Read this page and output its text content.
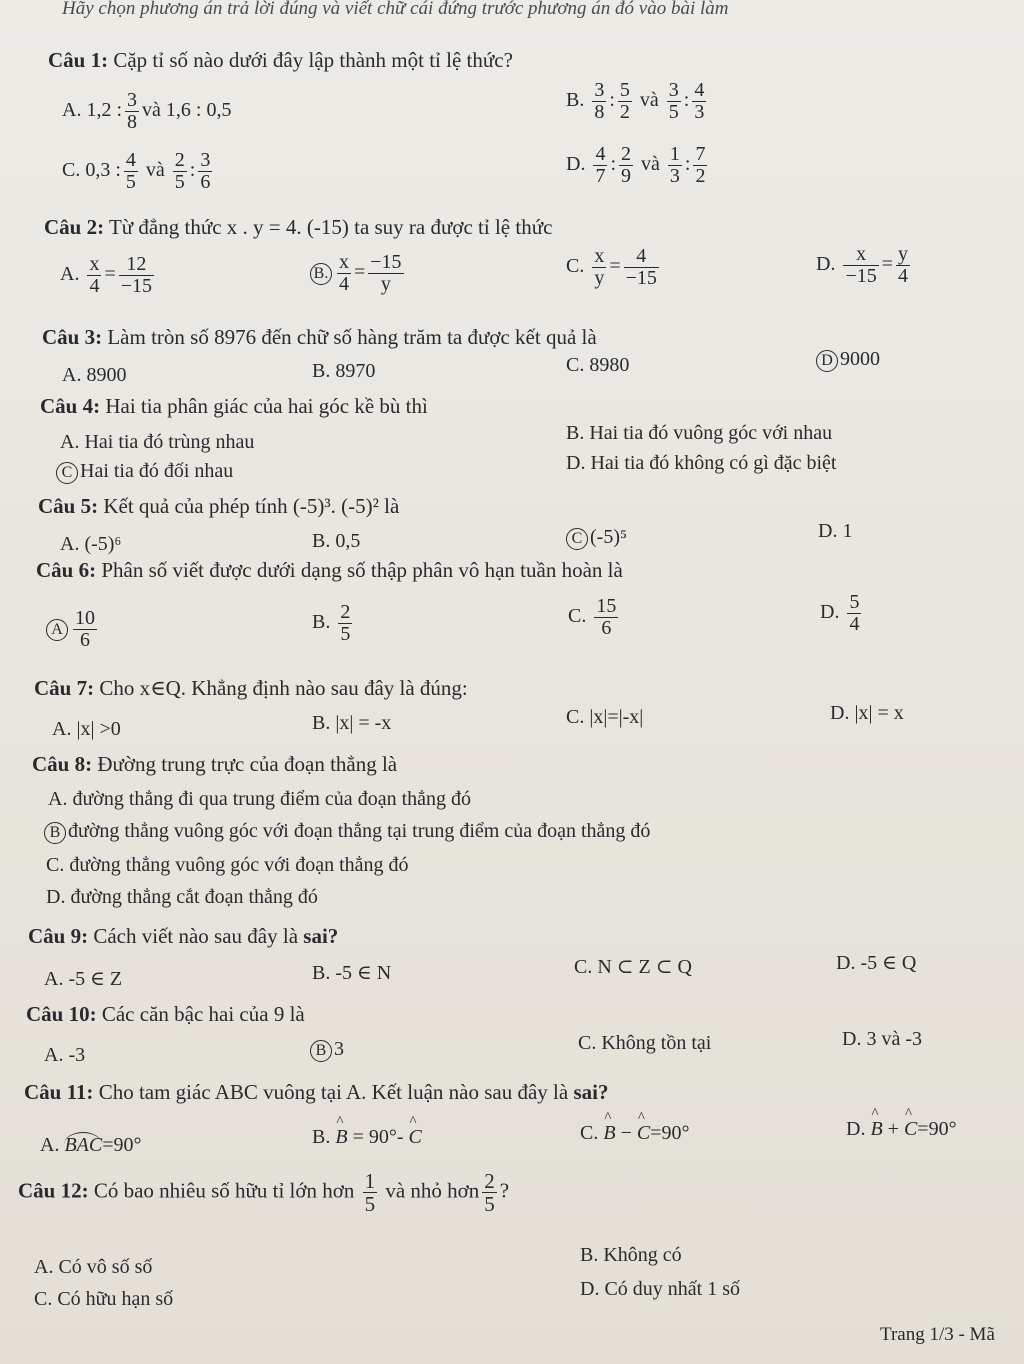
Hãy chọn phương án trả lời đúng và viết chữ cái đứng trước phương án đó vào bài làm
Câu 1: Cặp tỉ số nào dưới đây lập thành một tỉ lệ thức?
A. 1,2 : $\frac{3}{8}$ và 1,6 : 0,5	B. $\frac{3}{8}$ : $\frac{5}{2}$ và $\frac{3}{5}$ : $\frac{4}{3}$
C. 0,3 : $\frac{4}{5}$ và $\frac{2}{5}$ : $\frac{3}{6}$	D. $\frac{4}{7}$ : $\frac{2}{9}$ và $\frac{1}{3}$ : $\frac{7}{2}$
Câu 2: Từ đẳng thức x . y = 4. (-15) ta suy ra được tỉ lệ thức
A. $\frac{x}{4} = \frac{12}{-15}$	B. $\frac{x}{4} = \frac{-15}{y}$	C. $\frac{x}{y} = \frac{4}{-15}$	D. $\frac{x}{-15} = \frac{y}{4}$
Câu 3: Làm tròn số 8976 đến chữ số hàng trăm ta được kết quả là
A. 8900	B. 8970	C. 8980	D 9000
Câu 4: Hai tia phân giác của hai góc kề bù thì
A. Hai tia đó trùng nhau	B. Hai tia đó vuông góc với nhau
C Hai tia đó đối nhau	D. Hai tia đó không có gì đặc biệt
Câu 5: Kết quả của phép tính (-5)³. (-5)² là
A. (-5)⁶	B. 0,5	C (-5)⁵	D. 1
Câu 6: Phân số viết được dưới dạng số thập phân vô hạn tuần hoàn là
A $\frac{10}{6}$	B. $\frac{2}{5}$	C. $\frac{15}{6}$	D. $\frac{5}{4}$
Câu 7: Cho x∈Q. Khẳng định nào sau đây là đúng:
A. |x| >0	B. |x| = -x	C. |x|=|-x|	D. |x| = x
Câu 8: Đường trung trực của đoạn thẳng là
A. đường thẳng đi qua trung điểm của đoạn thẳng đó
B đường thẳng vuông góc với đoạn thẳng tại trung điểm của đoạn thẳng đó
C. đường thẳng vuông góc với đoạn thẳng đó
D. đường thẳng cắt đoạn thẳng đó
Câu 9: Cách viết nào sau đây là sai?
A. -5 ∈ Z	B. -5 ∈ N	C. N ⊂ Z ⊂ Q	D. -5 ∈ Q
Câu 10: Các căn bậc hai của 9 là
A. -3	B 3	C. Không tồn tại	D. 3 và -3
Câu 11: Cho tam giác ABC vuông tại A. Kết luận nào sau đây là sai?
A. BAC=90°	B. ^ B = 90°- ^ C	C. ^ B − ^ C=90°	D. ^ B + ^ C=90°
Câu 12: Có bao nhiêu số hữu tỉ lớn hơn $\frac{1}{5}$ và nhỏ hơn $\frac{2}{5}$ ?
A. Có vô số số
B. Không có
C. Có hữu hạn số	D. Có duy nhất 1 số
Trang 1/3 - Mã
